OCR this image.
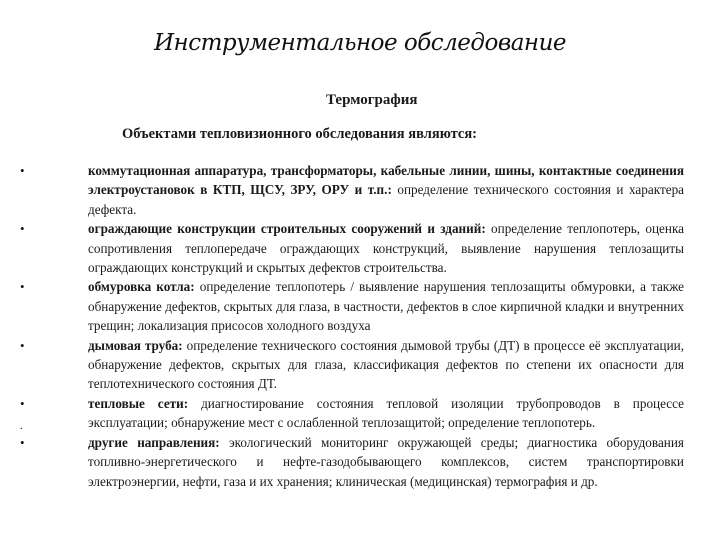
Инструментальное обследование
Термография
Объектами тепловизионного обследования являются:
•	коммутационная аппаратура, трансформаторы, кабельные линии, шины, контактные соединения электроустановок в КТП, ЩСУ, ЗРУ, ОРУ и т.п.: определение технического состояния и характера дефекта.
•	ограждающие конструкции строительных сооружений и зданий: определение теплопотерь, оценка сопротивления теплопередаче ограждающих конструкций, выявление нарушения теплозащиты ограждающих конструкций и скрытых дефектов строительства.
•	обмуровка котла: определение теплопотерь / выявление нарушения теплозащиты обмуровки, а также обнаружение дефектов, скрытых для глаза, в частности, дефектов в слое кирпичной кладки и внутренних трещин; локализация присосов холодного воздуха
•	дымовая труба: определение технического состояния дымовой трубы (ДТ) в процессе её эксплуатации, обнаружение дефектов, скрытых для глаза, классификация дефектов по степени их опасности для теплотехнического состояния ДТ.
•	тепловые сети: диагностирование состояния тепловой изоляции трубопроводов в процессе эксплуатации; обнаружение мест с ослабленной теплозащитой; определение теплопотерь.
•	другие направления: экологический мониторинг окружающей среды; диагностика оборудования топливно-энергетического и нефте-газодобывающего комплексов, систем транспортировки электроэнергии, нефти, газа и их хранения; клиническая (медицинская) термография и др.
.
